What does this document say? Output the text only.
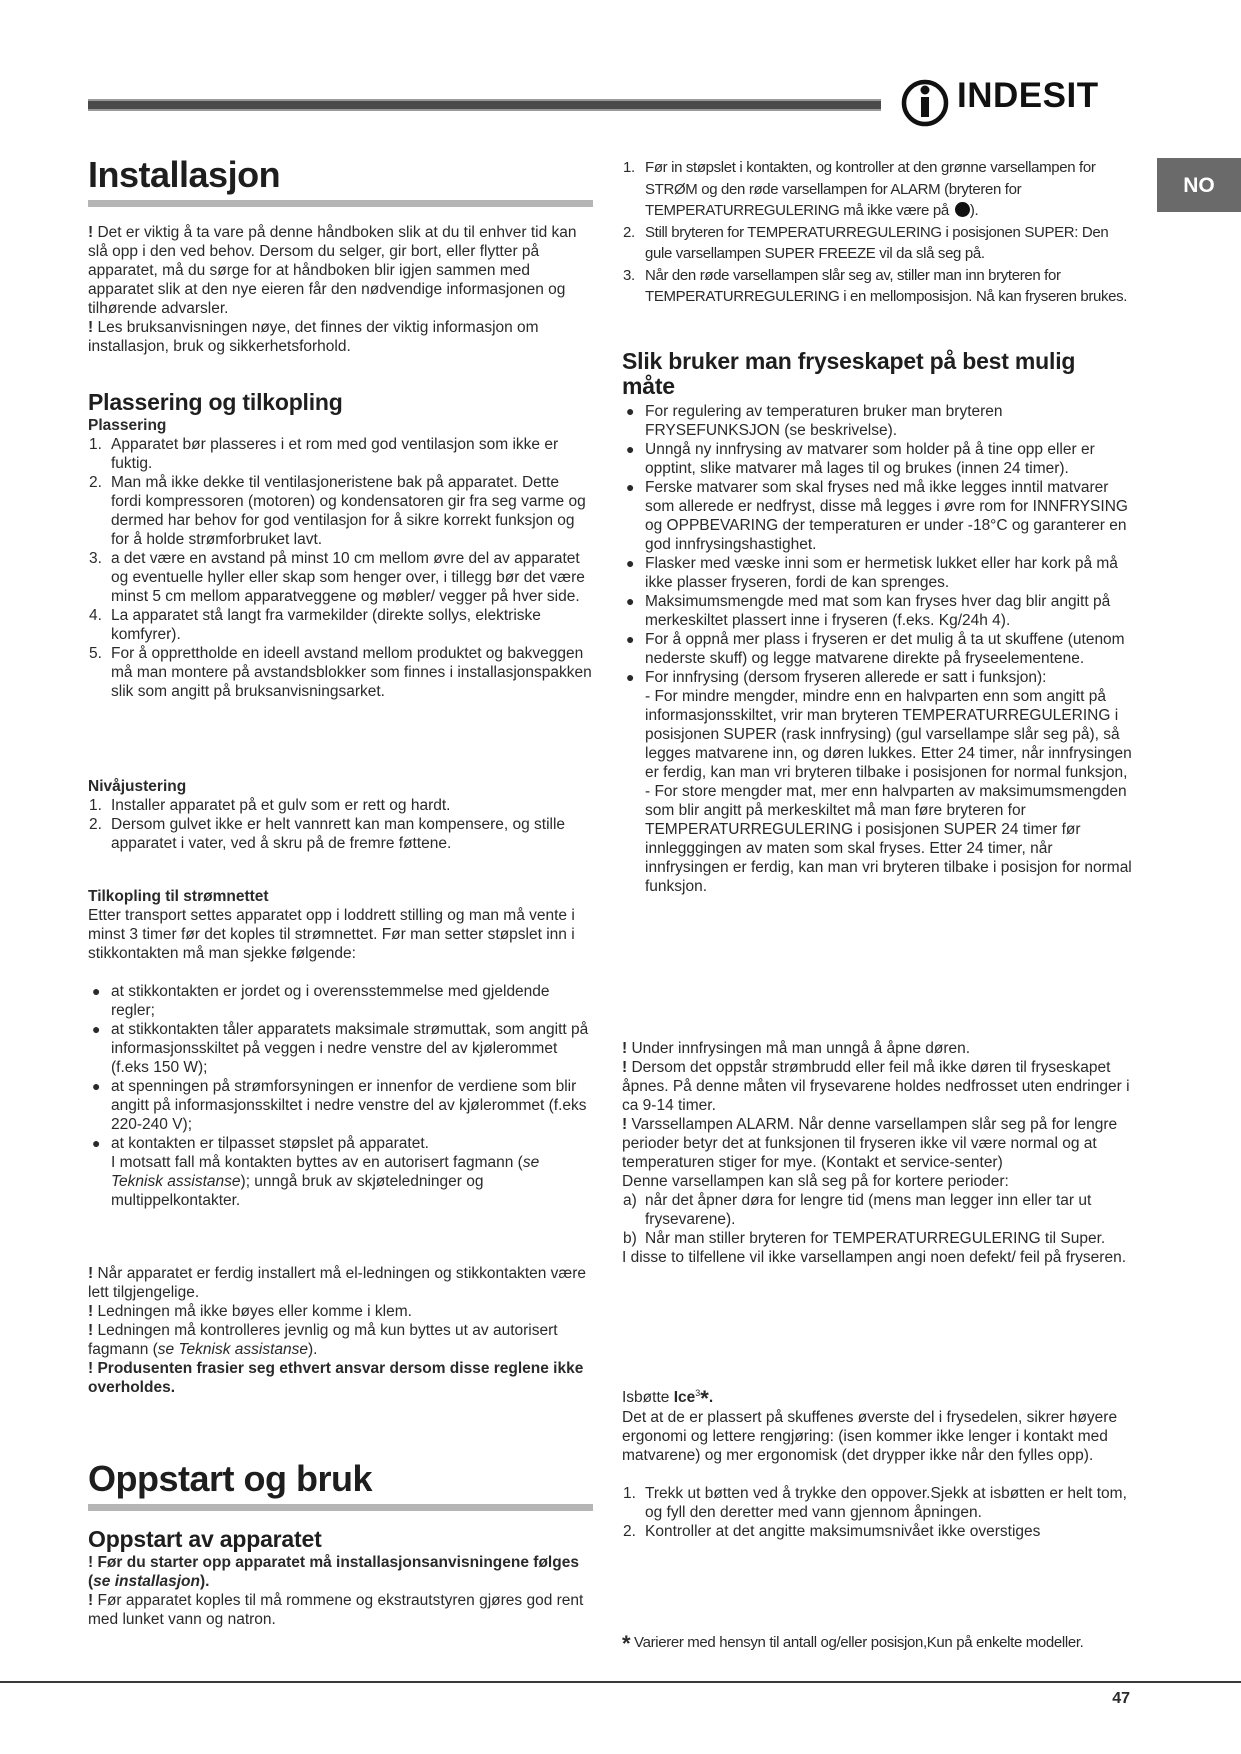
INDESIT
NO
Installasjon

! Det er viktig å ta vare på denne håndboken slik at du til enhver tid kan slå opp i den ved behov. Dersom du selger, gir bort, eller flytter på apparatet, må du sørge for at håndboken blir igjen sammen med apparatet slik at den nye eieren får den nødvendige informasjonen og tilhørende advarsler.

! Les bruksanvisningen nøye, det finnes der viktig informasjon om installasjon, bruk og sikkerhetsforhold.

Plassering og tilkopling
Plassering
1. Apparatet bør plasseres i et rom med god ventilasjon som ikke er fuktig.
2. Man må ikke dekke til ventilasjoneristene bak på apparatet. Dette fordi kompressoren (motoren) og kondensatoren gir fra seg varme og dermed har behov for god ventilasjon for å sikre korrekt funksjon og for å holde strømforbruket lavt.
3. a det være en avstand på minst 10 cm mellom øvre del av apparatet og eventuelle hyller eller skap som henger over, i tillegg bør det være minst 5 cm mellom apparatveggene og møbler/ vegger på hver side.
4. La apparatet stå langt fra varmekilder (direkte sollys, elektriske komfyrer).
5. For å opprettholde en ideell avstand mellom produktet og bakveggen må man montere på avstandsblokker som finnes i installasjonspakken slik som angitt på bruksanvisningsarket.
Nivåjustering
1. Installer apparatet på et gulv som er rett og hardt.
2. Dersom gulvet ikke er helt vannrett kan man kompensere, og stille apparatet i vater, ved å skru på de fremre føttene.
Tilkopling til strømnettet

Etter transport settes apparatet opp i loddrett stilling og man må vente i minst 3 timer før det koples til strømnettet. Før man setter støpslet inn i stikkontakten må man sjekke følgende:

● at stikkontakten er jordet og i overensstemmelse med gjeldende regler;
● at stikkontakten tåler apparatets maksimale strømuttak, som angitt på informasjonsskiltet på veggen i nedre venstre del av kjølerommet (f.eks 150 W);
● at spenningen på strømforsyningen er innenfor de verdiene som blir angitt på informasjonsskiltet i nedre venstre del av kjølerommet (f.eks 220-240 V);
● at kontakten er tilpasset støpslet på apparatet.
I motsatt fall må kontakten byttes av en autorisert fagmann (se Teknisk assistanse); unngå bruk av skjøteledninger og multippelkontakter.

! Når apparatet er ferdig installert må el-ledningen og stikkontakten være lett tilgjengelige.

! Ledningen må ikke bøyes eller komme i klem.

! Ledningen må kontrolleres jevnlig og må kun byttes ut av autorisert fagmann (se Teknisk assistanse).

! Produsenten frasier seg ethvert ansvar dersom disse reglene ikke overholdes.

Oppstart og bruk
Oppstart av apparatet

! Før du starter opp apparatet må installasjonsanvisningene følges (se installasjon).

! Før apparatet koples til må rommene og ekstrautstyren gjøres god rent med lunket vann og natron.

1. Før in støpslet i kontakten, og kontroller at den grønne varsellampen for STRØM og den røde varsellampen for ALARM (bryteren for TEMPERATURREGULERING må ikke være på ).
2. Still bryteren for TEMPERATURREGULERING i posisjonen SUPER: Den gule varsellampen SUPER FREEZE vil da slå seg på.
3. Når den røde varsellampen slår seg av, stiller man inn bryteren for TEMPERATURREGULERING i en mellomposisjon. Nå kan fryseren brukes.
Slik bruker man fryseskapet på best mulig måte
● For regulering av temperaturen bruker man bryteren FRYSEFUNKSJON (se beskrivelse).
● Unngå ny innfrysing av matvarer som holder på å tine opp eller er opptint, slike matvarer må lages til og brukes (innen 24 timer).
● Ferske matvarer som skal fryses ned må ikke legges inntil matvarer som allerede er nedfryst, disse må legges i øvre rom for INNFRYSING og OPPBEVARING der temperaturen er under -18°C og garanterer en god innfrysingshastighet.
● Flasker med væske inni som er hermetisk lukket eller har kork på må ikke plasser fryseren, fordi de kan sprenges.
● Maksimumsmengde med mat som kan fryses hver dag blir angitt på merkeskiltet plassert inne i fryseren (f.eks. Kg/24h 4).
● For å oppnå mer plass i fryseren er det mulig å ta ut skuffene (utenom nederste skuff) og legge matvarene direkte på fryseelementene.
● For innfrysing (dersom fryseren allerede er satt i funksjon):
- For mindre mengder, mindre enn en halvparten enn som angitt på informasjonsskiltet, vrir man bryteren TEMPERATURREGULERING i posisjonen SUPER (rask innfrysing) (gul varsellampe slår seg på), så legges matvarene inn, og døren lukkes. Etter 24 timer, når innfrysingen er ferdig, kan man vri bryteren tilbake i posisjonen for normal funksjon,
- For store mengder mat, mer enn halvparten av maksimumsmengden som blir angitt på merkeskiltet må man føre bryteren for TEMPERATURREGULERING i posisjonen SUPER 24 timer før innlegggingen av maten som skal fryses. Etter 24 timer, når innfrysingen er ferdig, kan man vri bryteren tilbake i posisjon for normal funksjon.

! Under innfrysingen må man unngå å åpne døren.

! Dersom det oppstår strømbrudd eller feil må ikke døren til fryseskapet åpnes. På denne måten vil frysevarene holdes nedfrosset uten endringer i ca 9-14 timer.

! Varssellampen ALARM. Når denne varsellampen slår seg på for lengre perioder betyr det at funksjonen til fryseren ikke vil være normal og at temperaturen stiger for mye. (Kontakt et service-senter)

Denne varsellampen kan slå seg på for kortere perioder:

a) når det åpner døra for lengre tid (mens man legger inn eller tar ut frysevarene).
b) Når man stiller bryteren for TEMPERATURREGULERING til Super.

I disse to tilfellene vil ikke varsellampen angi noen defekt/ feil på fryseren.

Isbøtte Ice$^3$*.

Det at de er plassert på skuffenes øverste del i frysedelen, sikrer høyere ergonomi og lettere rengjøring: (isen kommer ikke lenger i kontakt med matvarene) og mer ergonomisk (det drypper ikke når den fylles opp).

1. Trekk ut bøtten ved å trykke den oppover.Sjekk at isbøtten er helt tom, og fyll den deretter med vann gjennom åpningen.
2. Kontroller at det angitte maksimumsnivået ikke overstiges
* Varierer med hensyn til antall og/eller posisjon,Kun på enkelte modeller.
47
